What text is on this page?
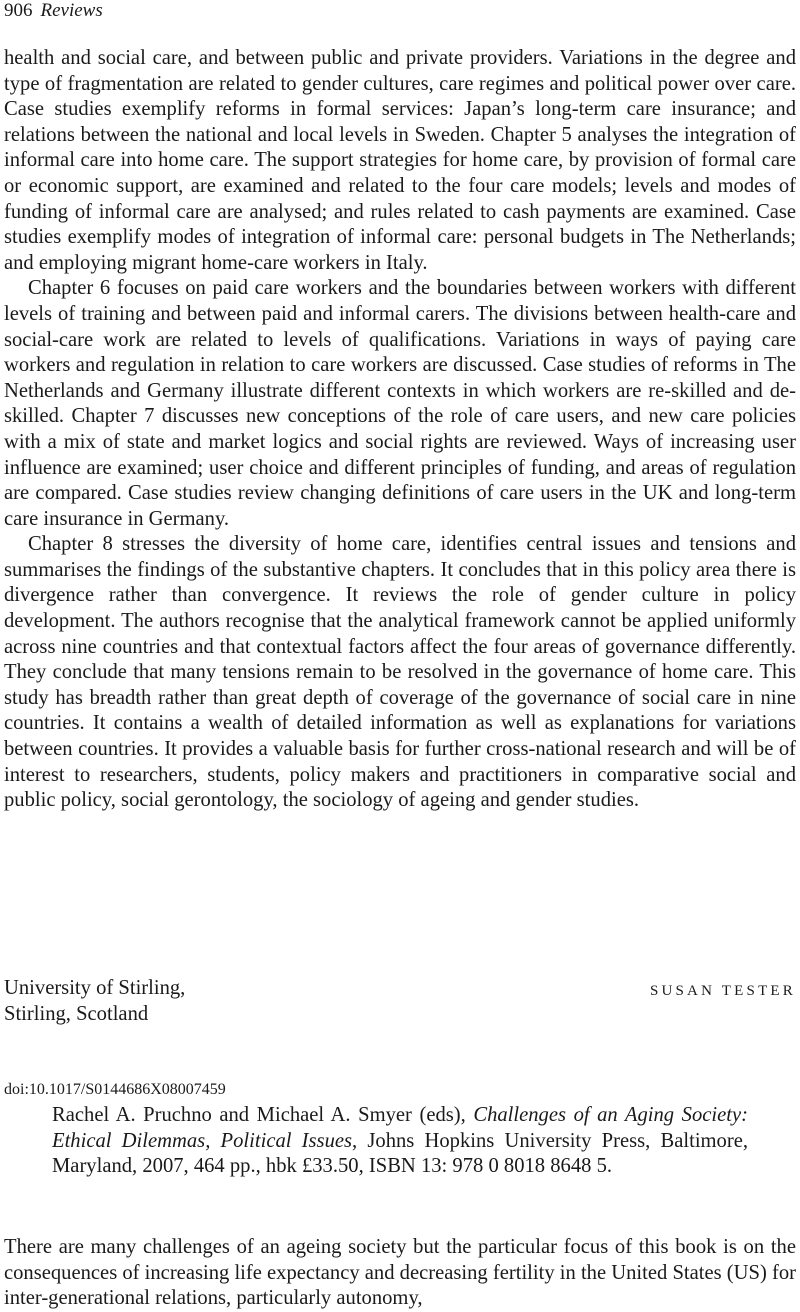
906 Reviews

health and social care, and between public and private providers. Variations in the degree and type of fragmentation are related to gender cultures, care regimes and political power over care. Case studies exemplify reforms in formal services: Japan’s long-term care insurance; and relations between the national and local levels in Sweden. Chapter 5 analyses the integration of informal care into home care. The support strategies for home care, by provision of formal care or economic support, are examined and related to the four care models; levels and modes of funding of informal care are analysed; and rules related to cash payments are examined. Case studies exemplify modes of integration of informal care: personal budgets in The Netherlands; and employing migrant home-care workers in Italy.

Chapter 6 focuses on paid care workers and the boundaries between workers with different levels of training and between paid and informal carers. The divisions between health-care and social-care work are related to levels of qualifications. Variations in ways of paying care workers and regulation in relation to care workers are discussed. Case studies of reforms in The Netherlands and Germany illustrate different contexts in which workers are re-skilled and de-skilled. Chapter 7 discusses new conceptions of the role of care users, and new care policies with a mix of state and market logics and social rights are reviewed. Ways of increasing user influence are examined; user choice and different principles of funding, and areas of regulation are compared. Case studies review changing definitions of care users in the UK and long-term care insurance in Germany.

Chapter 8 stresses the diversity of home care, identifies central issues and tensions and summarises the findings of the substantive chapters. It concludes that in this policy area there is divergence rather than convergence. It reviews the role of gender culture in policy development. The authors recognise that the analytical framework cannot be applied uniformly across nine countries and that contextual factors affect the four areas of governance differently. They conclude that many tensions remain to be resolved in the governance of home care. This study has breadth rather than great depth of coverage of the governance of social care in nine countries. It contains a wealth of detailed information as well as explanations for variations between countries. It provides a valuable basis for further cross-national research and will be of interest to researchers, students, policy makers and practitioners in comparative social and public policy, social gerontology, the sociology of ageing and gender studies.

University of Stirling,
Stirling, Scotland
SUSAN TESTER
doi:10.1017/S0144686X08007459
Rachel A. Pruchno and Michael A. Smyer (eds), Challenges of an Aging Society: Ethical Dilemmas, Political Issues, Johns Hopkins University Press, Baltimore, Maryland, 2007, 464 pp., hbk £33.50, ISBN 13: 978 0 8018 8648 5.
There are many challenges of an ageing society but the particular focus of this book is on the consequences of increasing life expectancy and decreasing fertility in the United States (US) for inter-generational relations, particularly autonomy,
